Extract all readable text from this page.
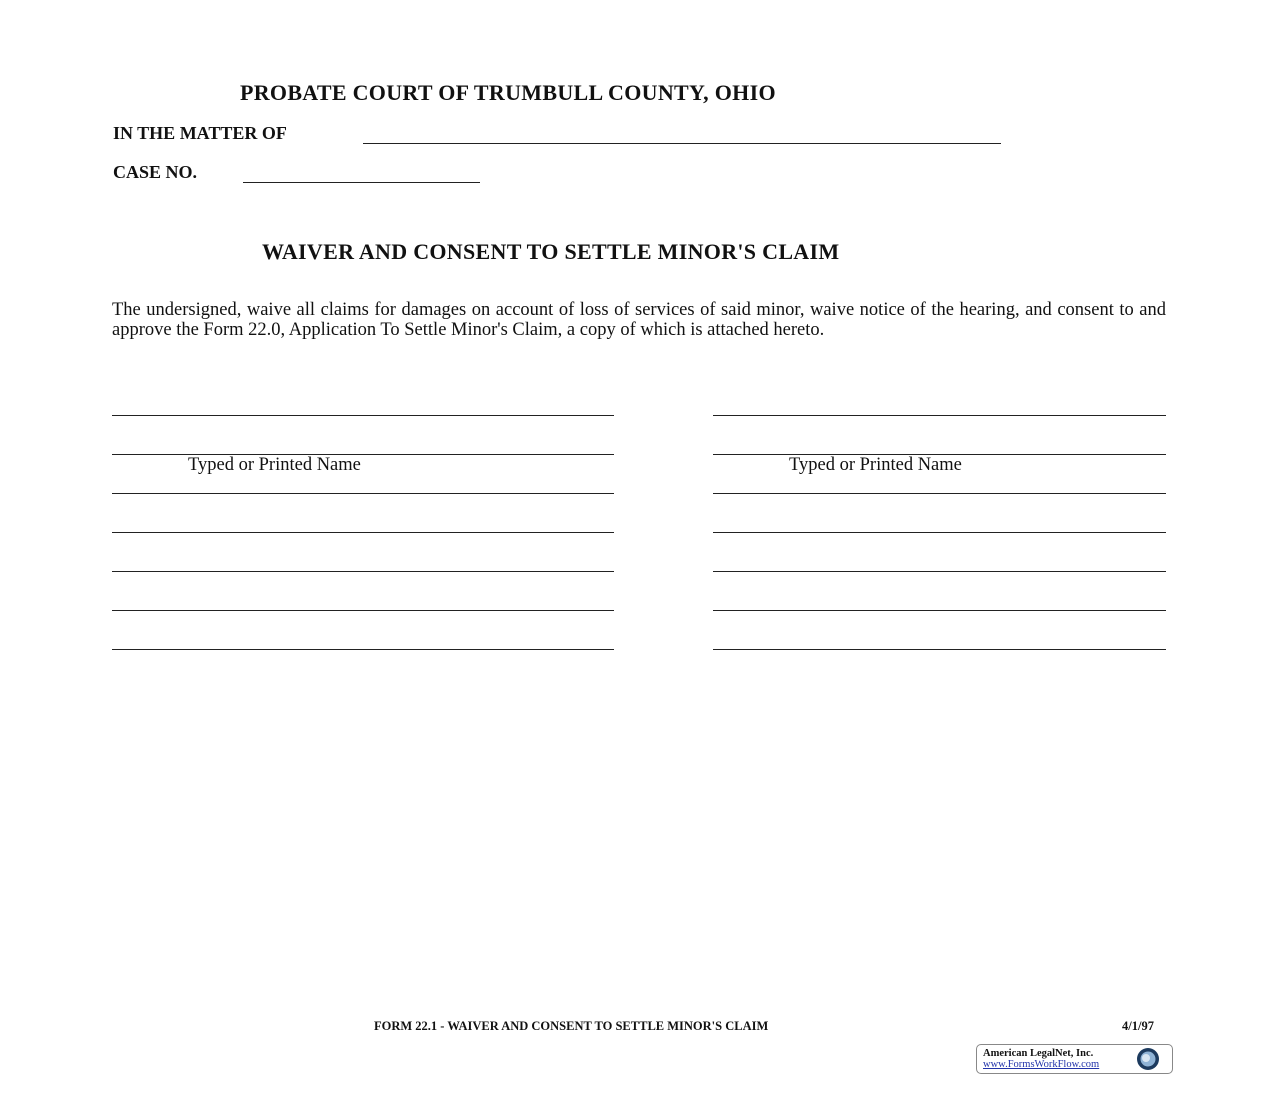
PROBATE COURT OF TRUMBULL COUNTY, OHIO
IN THE MATTER OF
CASE NO.
WAIVER AND CONSENT TO SETTLE MINOR'S CLAIM
The undersigned, waive all claims for damages on account of loss of services of said minor, waive notice of the hearing, and consent to and approve the Form 22.0, Application To Settle Minor's Claim, a copy of which is attached hereto.
Typed or Printed Name	Typed or Printed Name
FORM 22.1 - WAIVER AND CONSENT TO SETTLE MINOR'S CLAIM	4/1/97
American LegalNet, Inc.
www.FormsWorkFlow.com
